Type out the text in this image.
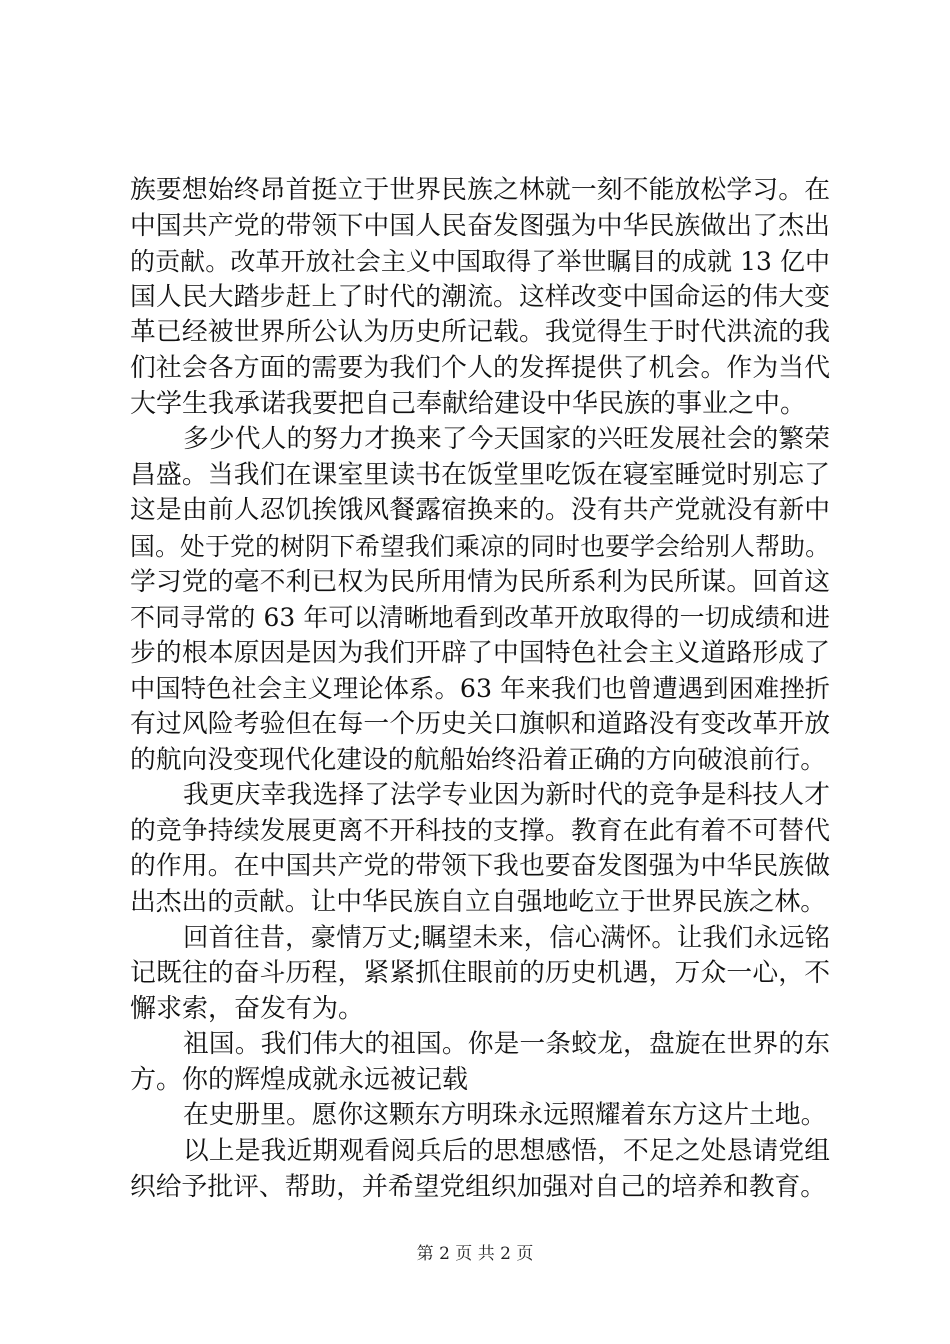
族要想始终昂首挺立于世界民族之林就一刻不能放松学习。在
中国共产党的带领下中国人民奋发图强为中华民族做出了杰出
的贡献。改革开放社会主义中国取得了举世瞩目的成就 13 亿中
国人民大踏步赶上了时代的潮流。这样改变中国命运的伟大变
革已经被世界所公认为历史所记载。我觉得生于时代洪流的我
们社会各方面的需要为我们个人的发挥提供了机会。作为当代
大学生我承诺我要把自己奉献给建设中华民族的事业之中。
多少代人的努力才换来了今天国家的兴旺发展社会的繁荣
昌盛。当我们在课室里读书在饭堂里吃饭在寝室睡觉时别忘了
这是由前人忍饥挨饿风餐露宿换来的。没有共产党就没有新中
国。处于党的树阴下希望我们乘凉的同时也要学会给别人帮助。
学习党的毫不利已权为民所用情为民所系利为民所谋。回首这
不同寻常的 63 年可以清晰地看到改革开放取得的一切成绩和进
步的根本原因是因为我们开辟了中国特色社会主义道路形成了
中国特色社会主义理论体系。63 年来我们也曾遭遇到困难挫折
有过风险考验但在每一个历史关口旗帜和道路没有变改革开放
的航向没变现代化建设的航船始终沿着正确的方向破浪前行。
我更庆幸我选择了法学专业因为新时代的竞争是科技人才
的竞争持续发展更离不开科技的支撑。教育在此有着不可替代
的作用。在中国共产党的带领下我也要奋发图强为中华民族做
出杰出的贡献。让中华民族自立自强地屹立于世界民族之林。
回首往昔，豪情万丈;瞩望未来，信心满怀。让我们永远铭
记既往的奋斗历程，紧紧抓住眼前的历史机遇，万众一心，不
懈求索，奋发有为。
祖国。我们伟大的祖国。你是一条蛟龙，盘旋在世界的东
方。你的辉煌成就永远被记载
在史册里。愿你这颗东方明珠永远照耀着东方这片土地。
以上是我近期观看阅兵后的思想感悟，不足之处恳请党组
织给予批评、帮助，并希望党组织加强对自己的培养和教育。
第 2 页 共 2 页
